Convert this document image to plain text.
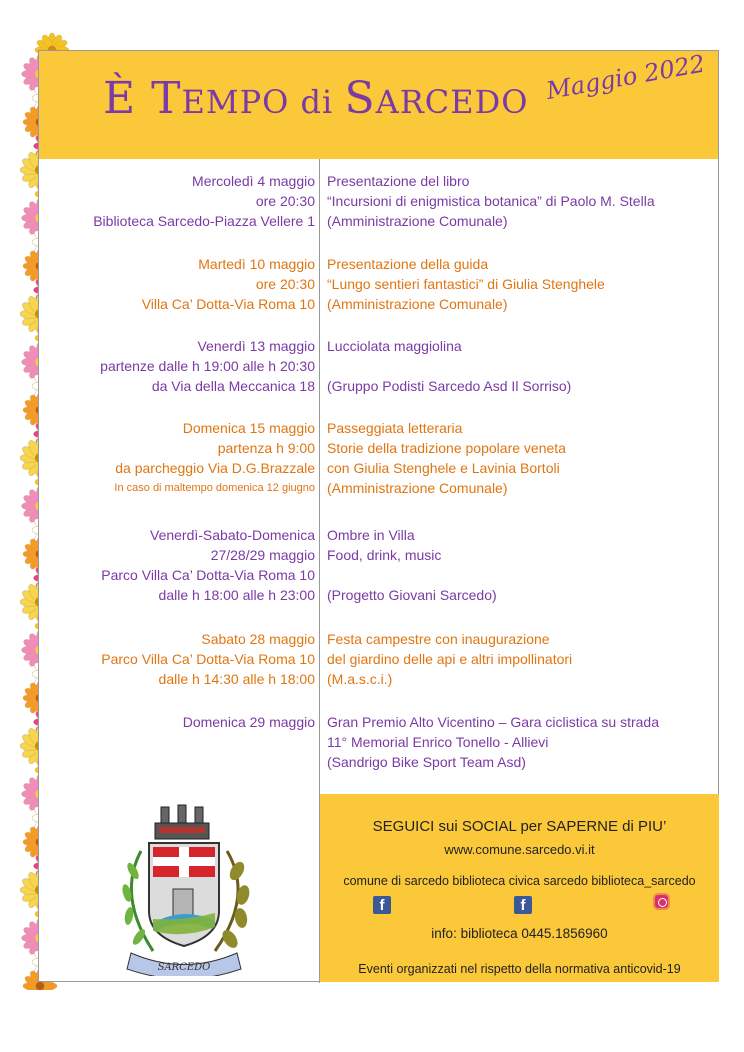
È TEMPO di SARCEDO Maggio 2022
Mercoledì 4 maggio
ore 20:30
Biblioteca Sarcedo-Piazza Vellere 1
Presentazione del libro
“Incursioni di enigmistica botanica” di Paolo M. Stella
(Amministrazione Comunale)
Martedì 10 maggio
ore 20:30
Villa Ca’ Dotta-Via Roma 10
Presentazione della guida
“Lungo sentieri fantastici” di Giulia Stenghele
(Amministrazione Comunale)
Venerdì 13 maggio
partenze dalle h 19:00 alle h 20:30
da Via della Meccanica 18
Lucciolata maggiolina
(Gruppo Podisti Sarcedo Asd Il Sorriso)
Domenica 15 maggio
partenza h 9:00
da parcheggio Via D.G.Brazzale
In caso di maltempo domenica 12 giugno
Passeggiata letteraria
Storie della tradizione popolare veneta
con Giulia Stenghele e Lavinia Bortoli
(Amministrazione Comunale)
Venerdì-Sabato-Domenica
27/28/29 maggio
Parco Villa Ca’ Dotta-Via Roma 10
dalle h 18:00 alle h 23:00
Ombre in Villa
Food, drink, music
(Progetto Giovani Sarcedo)
Sabato 28 maggio
Parco Villa Ca’ Dotta-Via Roma 10
dalle h 14:30 alle h 18:00
Festa campestre con inaugurazione
del giardino delle api e altri impollinatori
(M.a.s.c.i.)
Domenica 29 maggio Gran Premio Alto Vicentino – Gara ciclistica su strada
11° Memorial Enrico Tonello - Allievi
(Sandrigo Bike Sport Team Asd)
SARCEDO
SEGUICI sui SOCIAL per SAPERNE di PIU’
www.comune.sarcedo.vi.it
comune di sarcedo biblioteca civica sarcedo biblioteca_sarcedo
f	f
info: biblioteca 0445.1856960
Eventi organizzati nel rispetto della normativa anticovid-19
